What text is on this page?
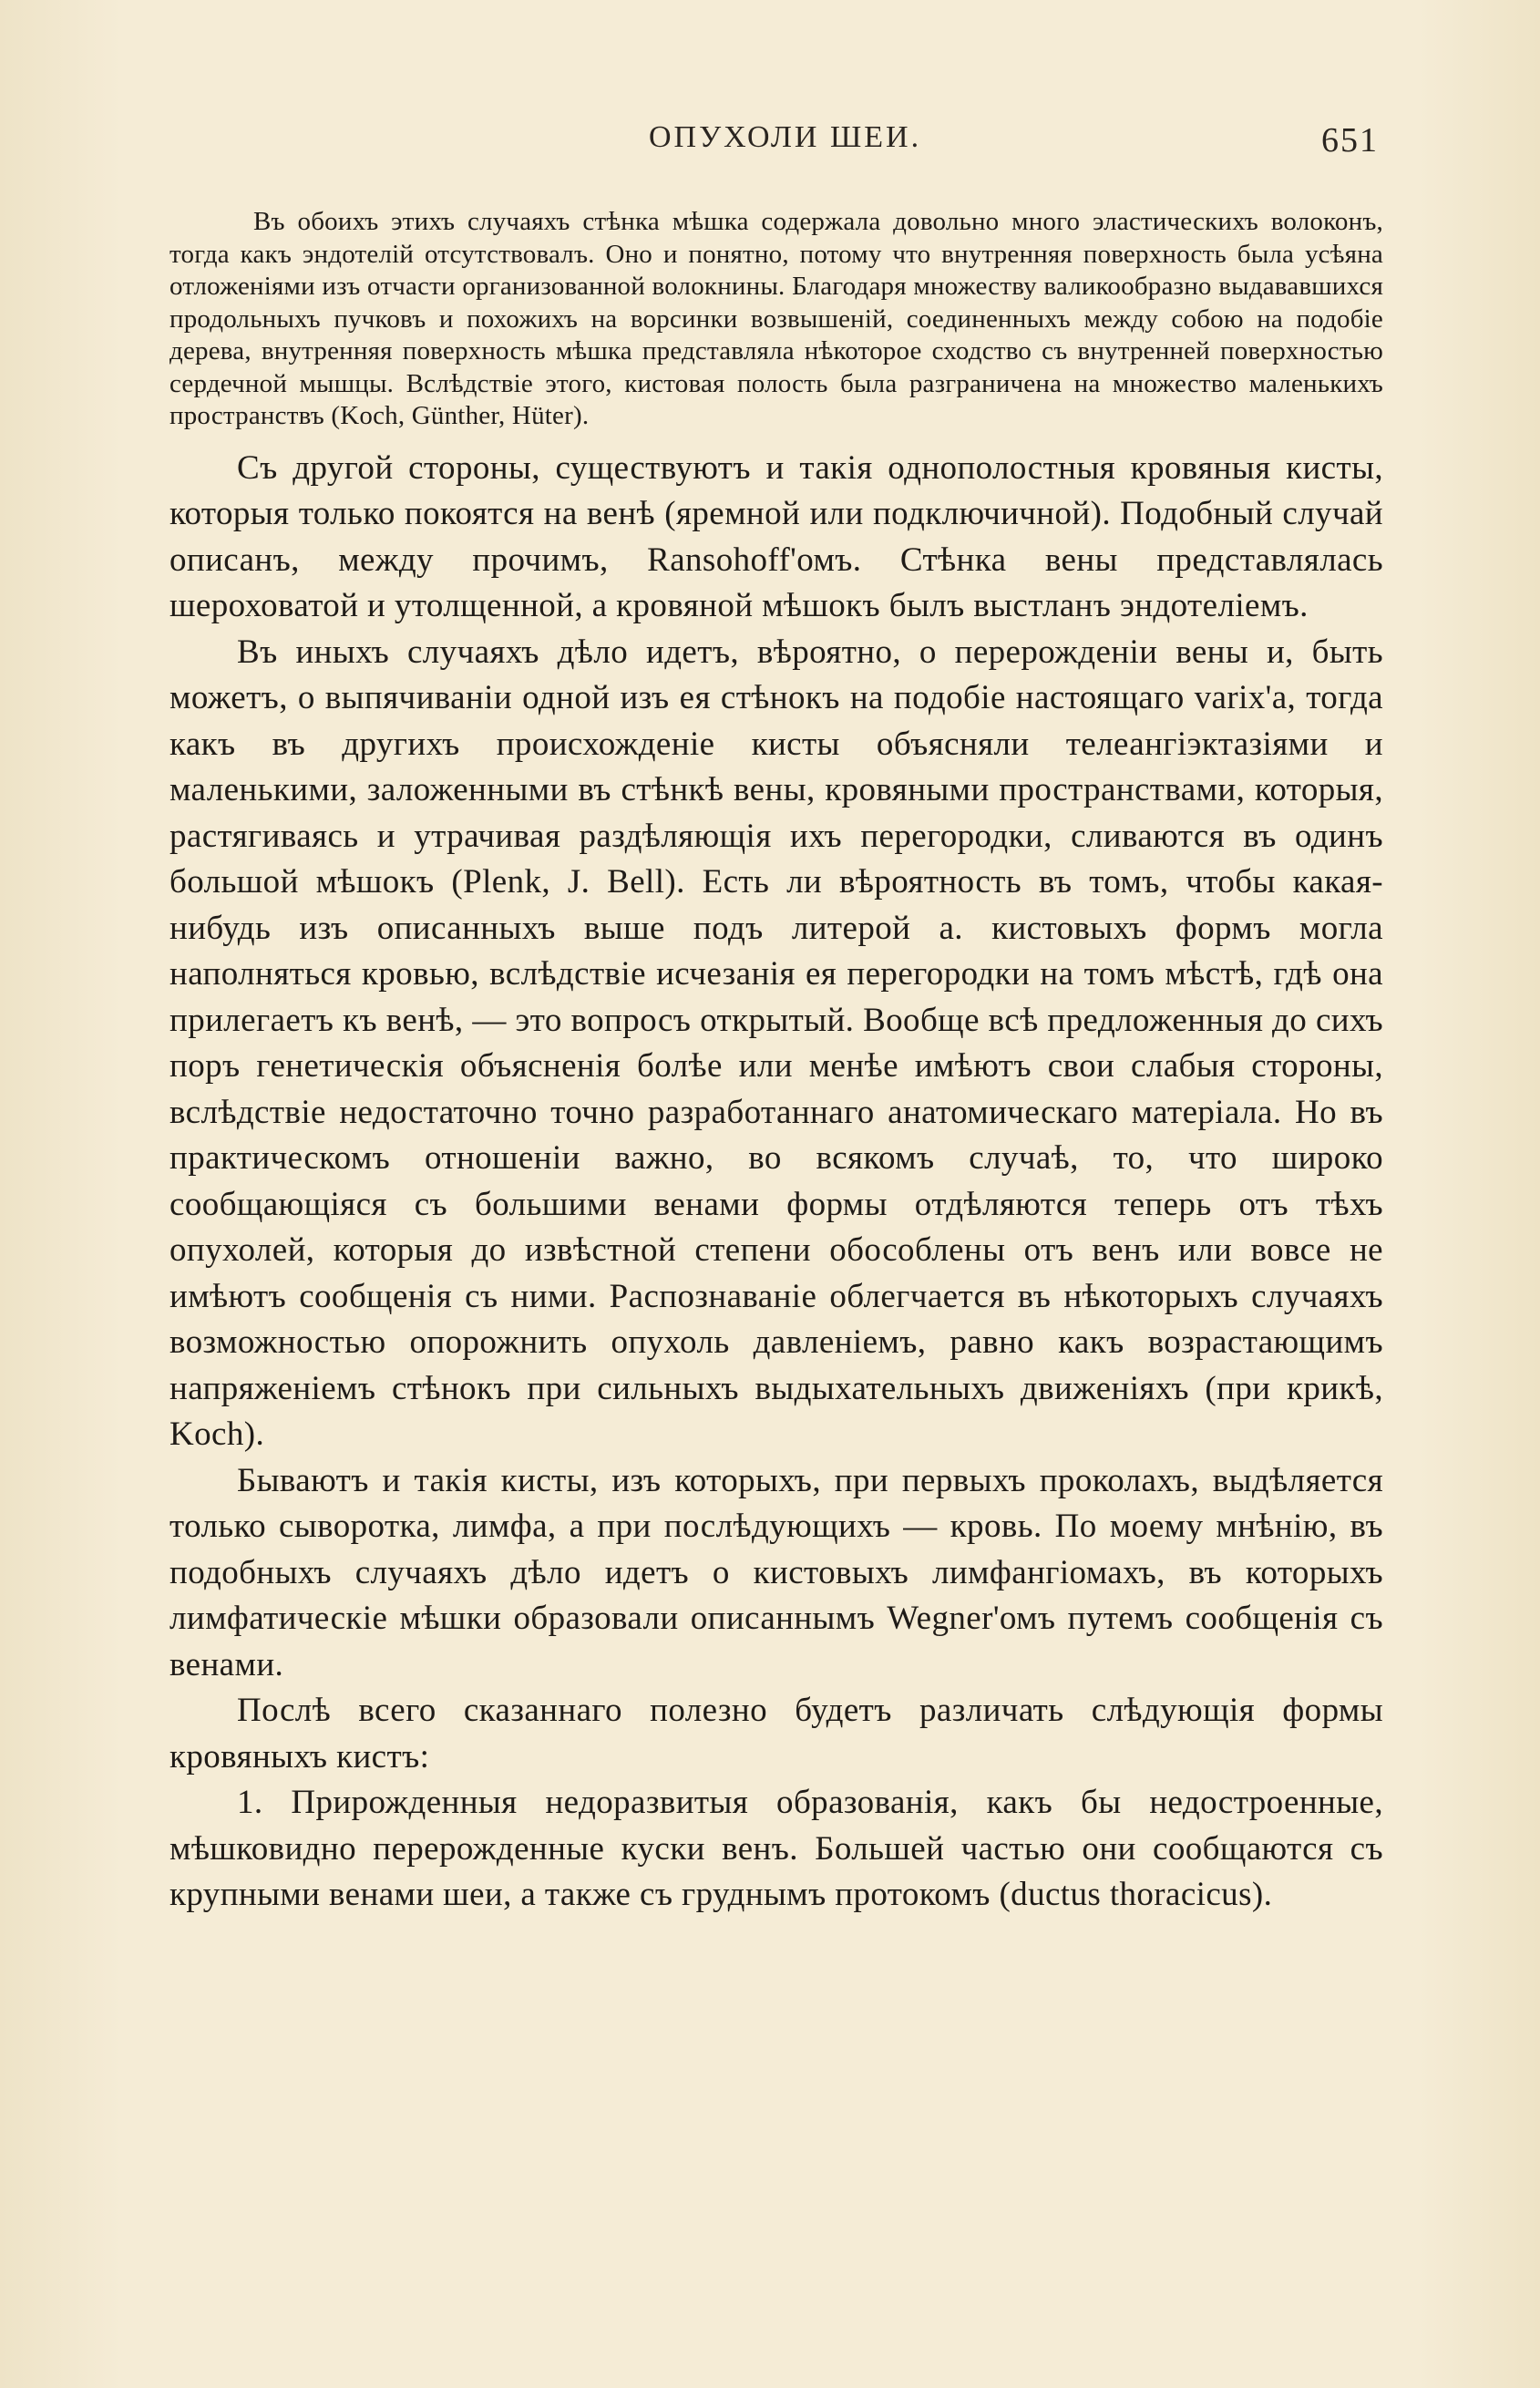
ОПУХОЛИ ШЕИ.	651

Въ обоихъ этихъ случаяхъ стѣнка мѣшка содержала довольно много эластическихъ волоконъ, тогда какъ эндотелій отсутствовалъ. Оно и понятно, потому что внутренняя поверхность была усѣяна отложеніями изъ отчасти организованной волокнины. Благодаря множеству валикообразно выдававшихся продольныхъ пучковъ и похожихъ на ворсинки возвышеній, соединенныхъ между собою на подобіе дерева, внутренняя поверхность мѣшка представляла нѣкоторое сходство съ внутренней поверхностью сердечной мышцы. Вслѣдствіе этого, кистовая полость была разграничена на множество маленькихъ пространствъ (Koch, Günther, Hüter).

Съ другой стороны, существуютъ и такія однополостныя кровяныя кисты, которыя только покоятся на венѣ (яремной или подключичной). Подобный случай описанъ, между прочимъ, Ransohoff'омъ. Стѣнка вены представлялась шероховатой и утолщенной, а кровяной мѣшокъ былъ выстланъ эндотеліемъ.

Въ иныхъ случаяхъ дѣло идетъ, вѣроятно, о перерожденіи вены и, быть можетъ, о выпячиваніи одной изъ ея стѣнокъ на подобіе настоящаго varix'а, тогда какъ въ другихъ происхожденіе кисты объясняли телеангіэктазіями и маленькими, заложенными въ стѣнкѣ вены, кровяными пространствами, которыя, растягиваясь и утрачивая раздѣляющія ихъ перегородки, сливаются въ одинъ большой мѣшокъ (Plenk, J. Bell). Есть ли вѣроятность въ томъ, чтобы какая-нибудь изъ описанныхъ выше подъ литерой a. кистовыхъ формъ могла наполняться кровью, вслѣдствіе исчезанія ея перегородки на томъ мѣстѣ, гдѣ она прилегаетъ къ венѣ, — это вопросъ открытый. Вообще всѣ предложенныя до сихъ поръ генетическія объясненія болѣе или менѣе имѣютъ свои слабыя стороны, вслѣдствіе недостаточно точно разработаннаго анатомическаго матеріала. Но въ практическомъ отношеніи важно, во всякомъ случаѣ, то, что широко сообщающіяся съ большими венами формы отдѣляются теперь отъ тѣхъ опухолей, которыя до извѣстной степени обособлены отъ венъ или вовсе не имѣютъ сообщенія съ ними. Распознаваніе облегчается въ нѣкоторыхъ случаяхъ возможностью опорожнить опухоль давленіемъ, равно какъ возрастающимъ напряженіемъ стѣнокъ при сильныхъ выдыхательныхъ движеніяхъ (при крикѣ, Koch).

Бываютъ и такія кисты, изъ которыхъ, при первыхъ проколахъ, выдѣляется только сыворотка, лимфа, а при послѣдующихъ — кровь. По моему мнѣнію, въ подобныхъ случаяхъ дѣло идетъ о кистовыхъ лимфангіомахъ, въ которыхъ лимфатическіе мѣшки образовали описаннымъ Wegner'омъ путемъ сообщенія съ венами.

Послѣ всего сказаннаго полезно будетъ различать слѣдующія формы кровяныхъ кистъ:

1. Прирожденныя недоразвитыя образованія, какъ бы недостроенные, мѣшковидно перерожденные куски венъ. Большей частью они сообщаются съ крупными венами шеи, а также съ груднымъ протокомъ (ductus thoracicus).
